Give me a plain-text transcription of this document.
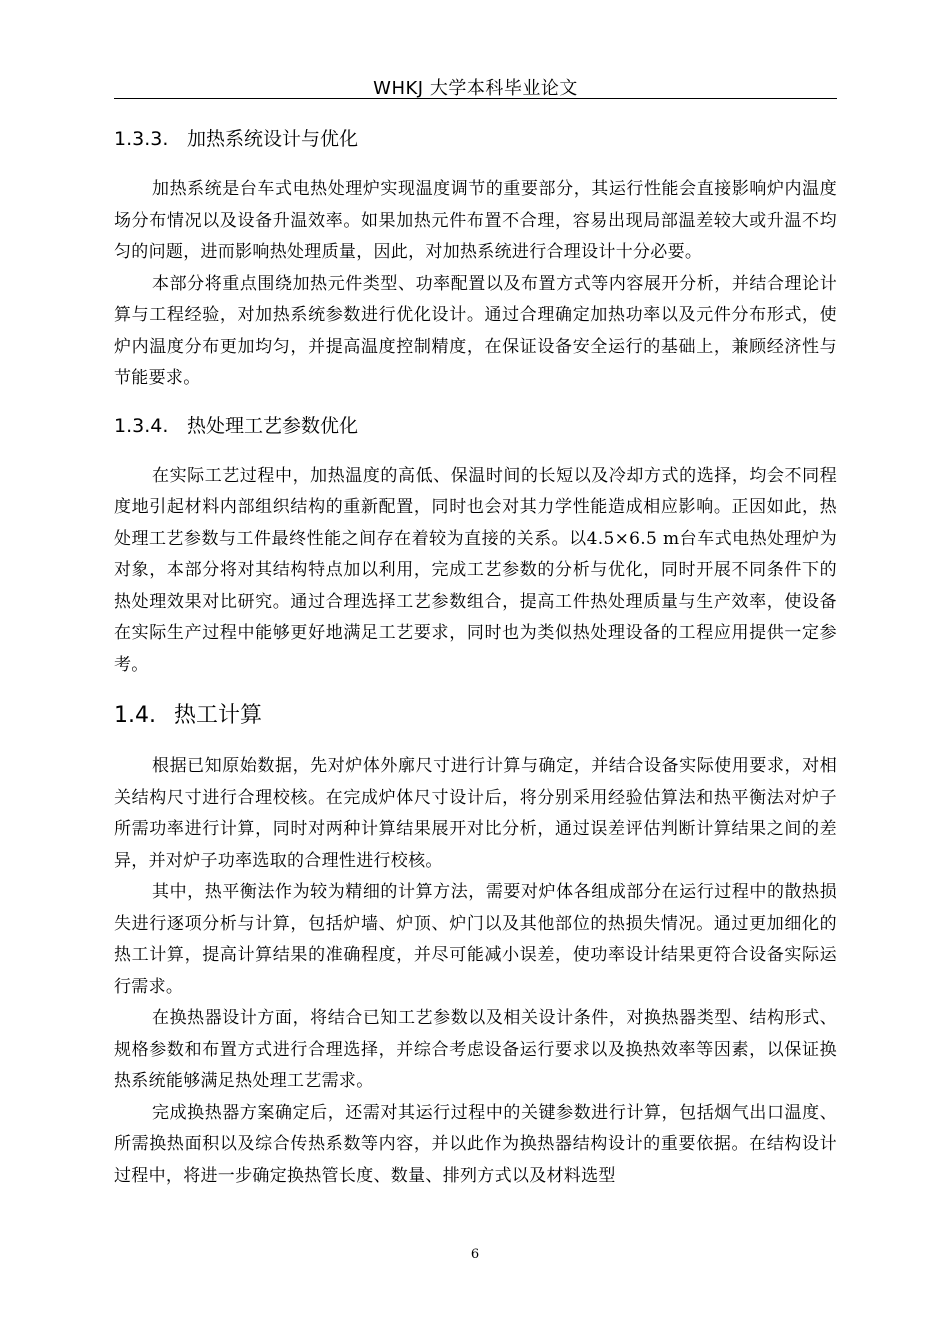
WHKJ 大学本科毕业论文
1.3.3. 加热系统设计与优化

加热系统是台车式电热处理炉实现温度调节的重要部分，其运行性能会直接影响炉内温度场分布情况以及设备升温效率。如果加热元件布置不合理，容易出现局部温差较大或升温不均匀的问题，进而影响热处理质量，因此，对加热系统进行合理设计十分必要。

本部分将重点围绕加热元件类型、功率配置以及布置方式等内容展开分析，并结合理论计算与工程经验，对加热系统参数进行优化设计。通过合理确定加热功率以及元件分布形式，使炉内温度分布更加均匀，并提高温度控制精度，在保证设备安全运行的基础上，兼顾经济性与节能要求。

1.3.4. 热处理工艺参数优化

在实际工艺过程中，加热温度的高低、保温时间的长短以及冷却方式的选择，均会不同程度地引起材料内部组织结构的重新配置，同时也会对其力学性能造成相应影响。正因如此，热处理工艺参数与工件最终性能之间存在着较为直接的关系。以4.5×6.5 m台车式电热处理炉为对象，本部分将对其结构特点加以利用，完成工艺参数的分析与优化，同时开展不同条件下的热处理效果对比研究。通过合理选择工艺参数组合，提高工件热处理质量与生产效率，使设备在实际生产过程中能够更好地满足工艺要求，同时也为类似热处理设备的工程应用提供一定参考。

1.4. 热工计算

根据已知原始数据，先对炉体外廓尺寸进行计算与确定，并结合设备实际使用要求，对相关结构尺寸进行合理校核。在完成炉体尺寸设计后，将分别采用经验估算法和热平衡法对炉子所需功率进行计算，同时对两种计算结果展开对比分析，通过误差评估判断计算结果之间的差异，并对炉子功率选取的合理性进行校核。

其中，热平衡法作为较为精细的计算方法，需要对炉体各组成部分在运行过程中的散热损失进行逐项分析与计算，包括炉墙、炉顶、炉门以及其他部位的热损失情况。通过更加细化的热工计算，提高计算结果的准确程度，并尽可能减小误差，使功率设计结果更符合设备实际运行需求。

在换热器设计方面，将结合已知工艺参数以及相关设计条件，对换热器类型、结构形式、规格参数和布置方式进行合理选择，并综合考虑设备运行要求以及换热效率等因素，以保证换热系统能够满足热处理工艺需求。

完成换热器方案确定后，还需对其运行过程中的关键参数进行计算，包括烟气出口温度、所需换热面积以及综合传热系数等内容，并以此作为换热器结构设计的重要依据。在结构设计过程中，将进一步确定换热管长度、数量、排列方式以及材料选型

6
